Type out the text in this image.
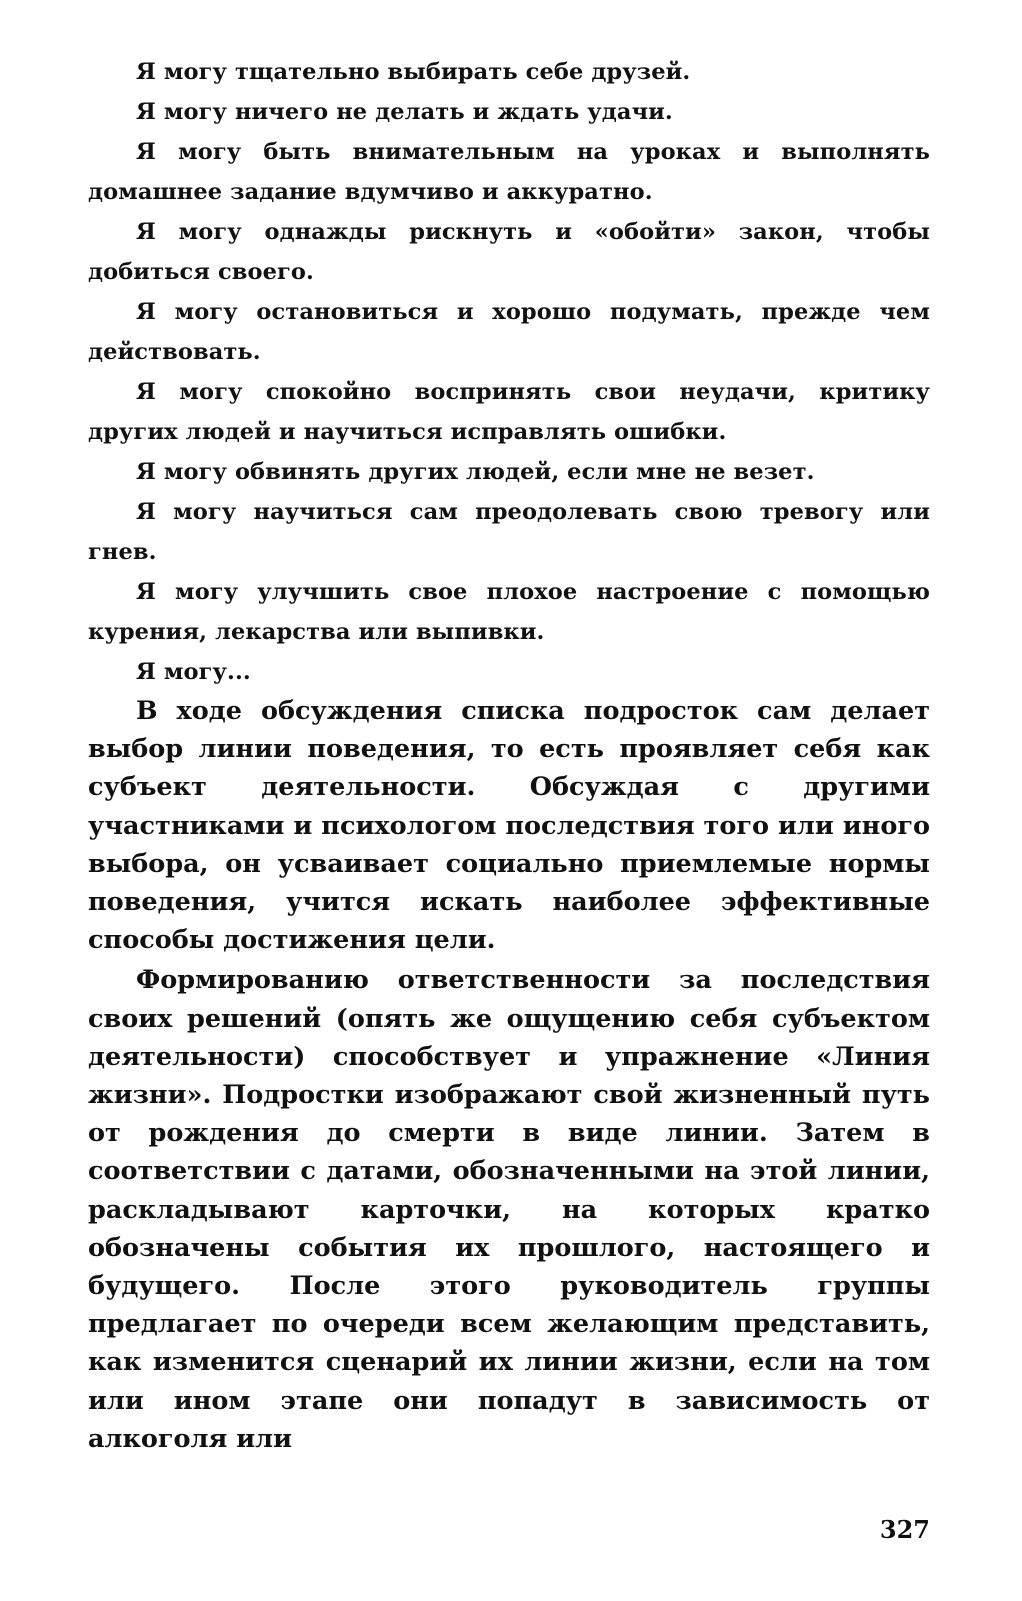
Я могу тщательно выбирать себе друзей.

Я могу ничего не делать и ждать удачи.

Я могу быть внимательным на уроках и выполнять домашнее задание вдумчиво и аккуратно.

Я могу однажды рискнуть и «обойти» закон, чтобы добиться своего.

Я могу остановиться и хорошо подумать, прежде чем действовать.

Я могу спокойно воспринять свои неудачи, критику других людей и научиться исправлять ошибки.

Я могу обвинять других людей, если мне не везет.

Я могу научиться сам преодолевать свою тревогу или гнев.

Я могу улучшить свое плохое настроение с помощью курения, лекарства или выпивки.

Я могу...

В ходе обсуждения списка подросток сам делает выбор линии поведения, то есть проявляет себя как субъект деятельности. Обсуждая с другими участниками и психологом последствия того или иного выбора, он усваивает социально приемлемые нормы поведения, учится искать наиболее эффективные способы достижения цели.

Формированию ответственности за последствия своих решений (опять же ощущению себя субъектом деятельности) способствует и упражнение «Линия жизни». Подростки изображают свой жизненный путь от рождения до смерти в виде линии. Затем в соответствии с датами, обозначенными на этой линии, раскладывают карточки, на которых кратко обозначены события их прошлого, настоящего и будущего. После этого руководитель группы предлагает по очереди всем желающим представить, как изменится сценарий их линии жизни, если на том или ином этапе они попадут в зависимость от алкоголя или

327
